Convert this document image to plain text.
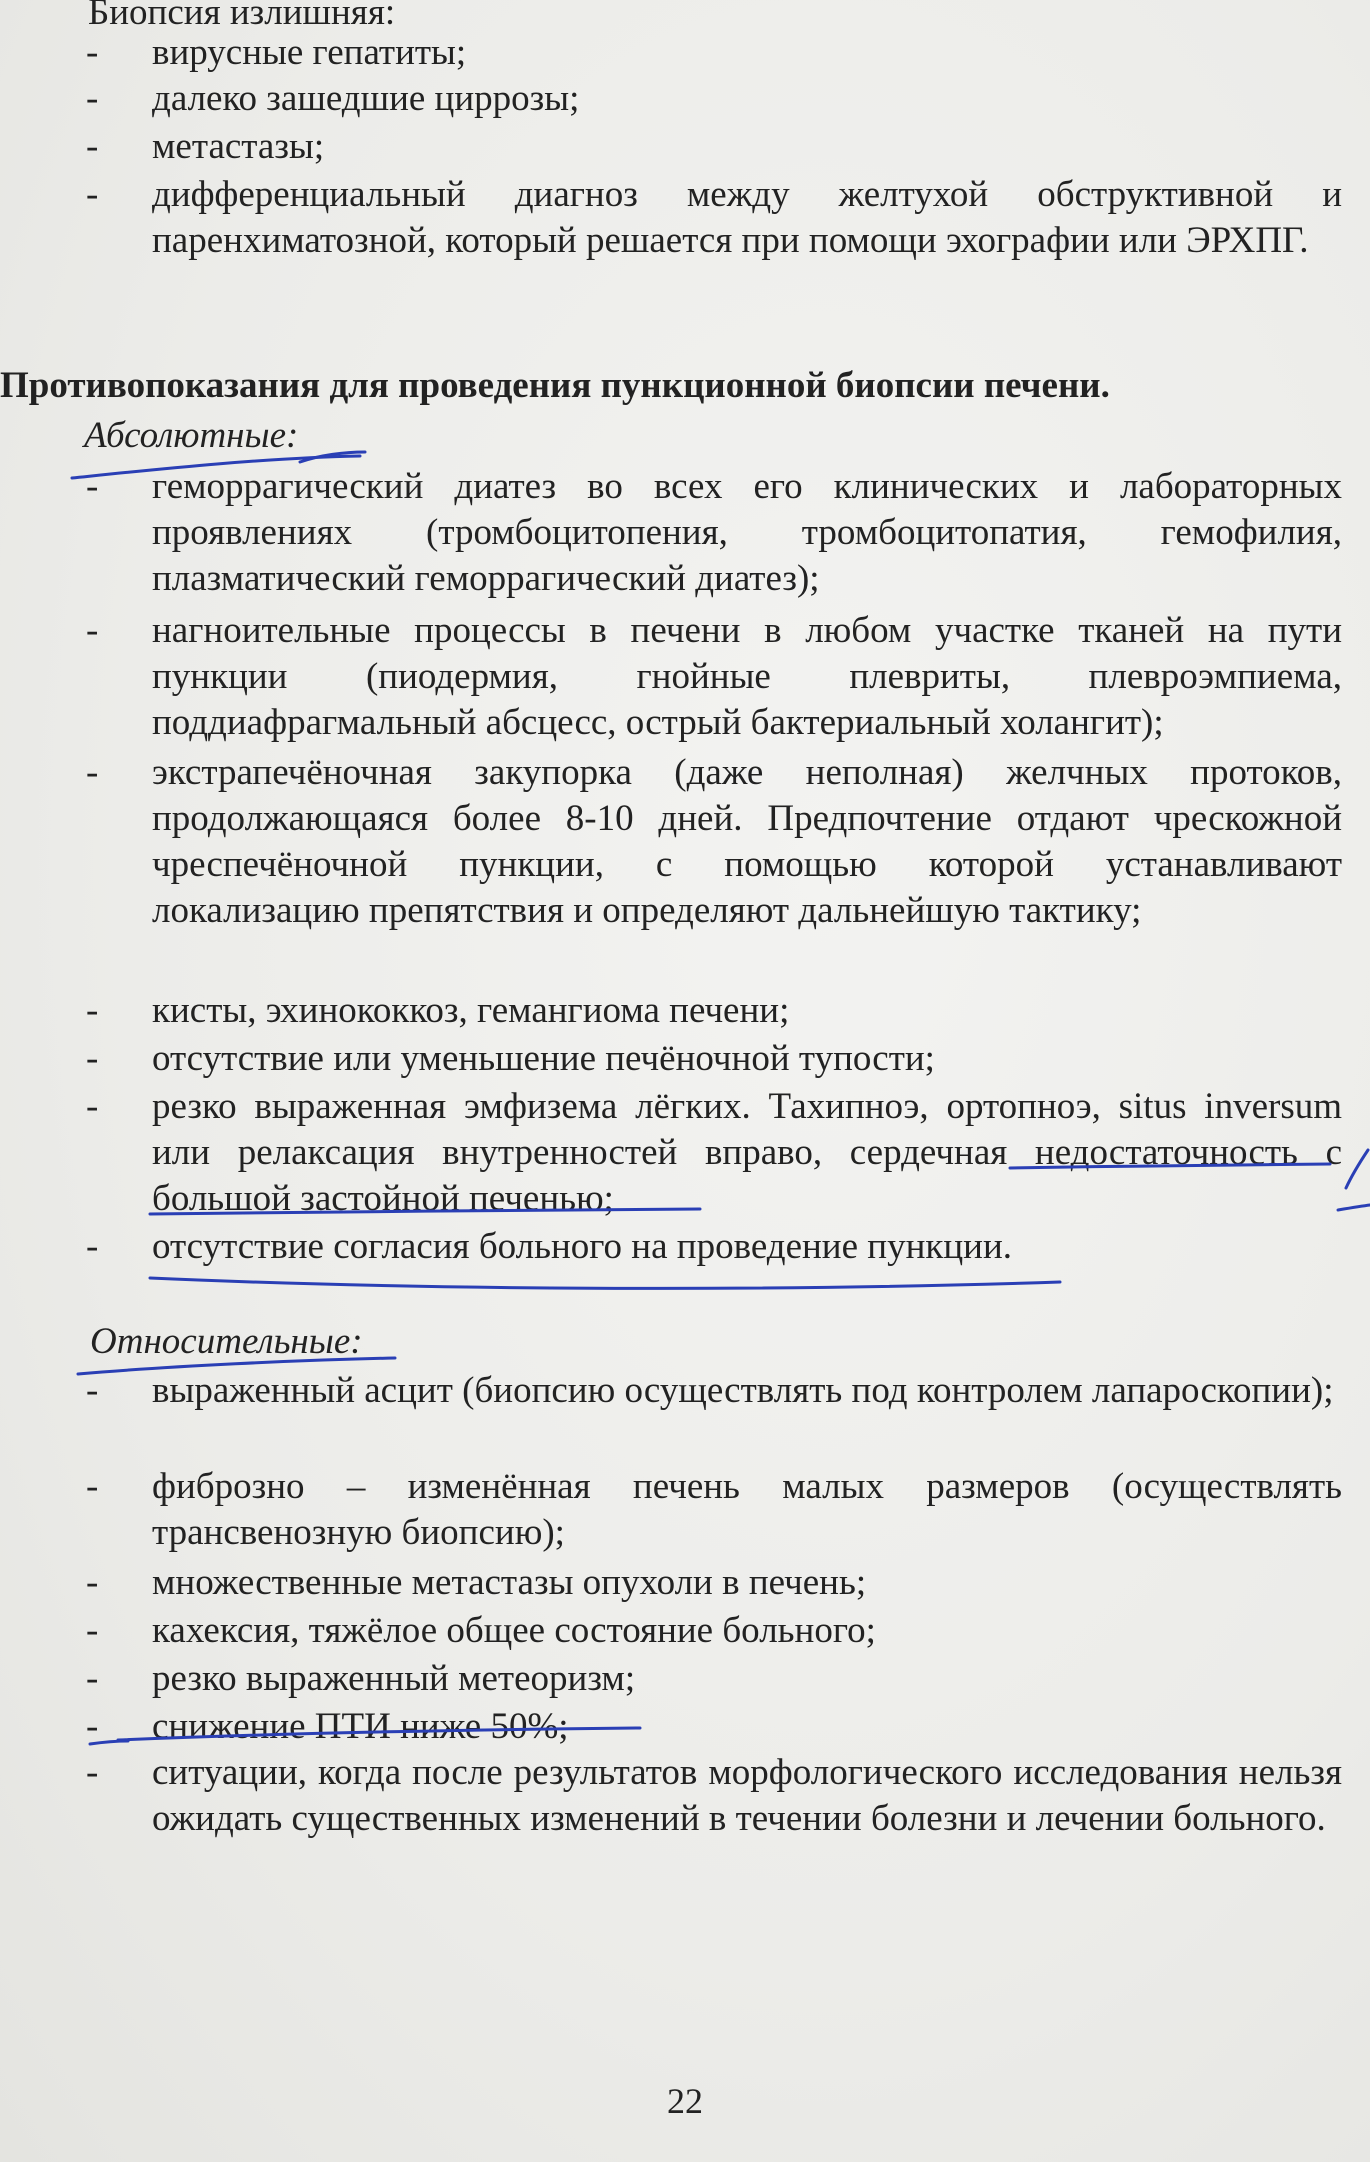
Биопсия излишняя:
- вирусные гепатиты;
- далеко зашедшие циррозы;
- метастазы;
- дифференциальный диагноз между желтухой обструктивной и паренхиматозной, который решается при помощи эхографии или ЭРХПГ.
Противопоказания для проведения пункционной биопсии печени.
Абсолютные:
- геморрагический диатез во всех его клинических и лабораторных проявлениях (тромбоцитопения, тромбоцитопатия, гемофилия, плазматический геморрагический диатез);
- нагноительные процессы в печени в любом участке тканей на пути пункции (пиодермия, гнойные плевриты, плевроэмпиема, поддиафрагмальный абсцесс, острый бактериальный холангит);
- экстрапечёночная закупорка (даже неполная) желчных протоков, продолжающаяся более 8-10 дней. Предпочтение отдают чрескожной чреспечёночной пункции, с помощью которой устанавливают локализацию препятствия и определяют дальнейшую тактику;
- кисты, эхинококкоз, гемангиома печени;
- отсутствие или уменьшение печёночной тупости;
- резко выраженная эмфизема лёгких. Тахипноэ, ортопноэ, situs inversum или релаксация внутренностей вправо, сердечная недостаточность с большой застойной печенью;
- отсутствие согласия больного на проведение пункции.
Относительные:
- выраженный асцит (биопсию осуществлять под контролем лапароскопии);
- фиброзно – изменённая печень малых размеров (осуществлять трансвенозную биопсию);
- множественные метастазы опухоли в печень;
- кахексия, тяжёлое общее состояние больного;
- резко выраженный метеоризм;
- снижение ПТИ ниже 50%;
- ситуации, когда после результатов морфологического исследования нельзя ожидать существенных изменений в течении болезни и лечении больного.
22
